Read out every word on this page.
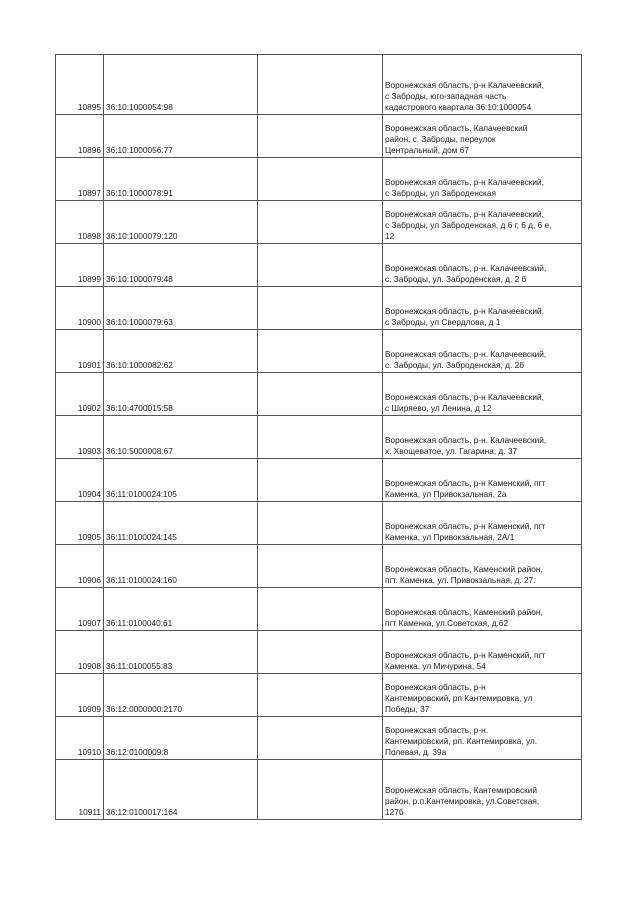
10895	36:10:1000054:98		Воронежская область, р-н Калачеевский,
с Заброды, юго-западная часть
кадастрового квартала 36:10:1000054
10896	36:10:1000056:77		Воронежская область, Калачеевский
район, с. Заброды, переулок
Центральный, дом 67
10897	36:10:1000078:91		Воронежская область, р-н Калачеевский,
с Заброды, ул Заброденская
10898	36:10:1000079:120		Воронежская область, р-н Калачеевский,
с Заброды, ул Заброденская, д 6 г, 6 д, 6 е,
12
10899	36:10:1000079:48		Воронежская область, р-н. Калачеевский,
с. Заброды, ул. Заброденская, д. 2 б
10900	36:10:1000079:63		Воронежская область, р-н Калачеевский,
с Заброды, ул Свердлова, д 1
10901	36:10:1000082:62		Воронежская область, р-н. Калачеевский,
с. Заброды, ул. Заброденская, д. 2б
10902	36:10:4700015:58		Воронежская область, р-н Калачеевский,
с Ширяево, ул Ленина, д 12
10903	36:10:5000008:67		Воронежская область, р-н. Калачеевский,
х. Хвощеватое, ул. Гагарина, д. 37
10904	36:11:0100024:105		Воронежская область, р-н Каменский, пгт
Каменка, ул Привокзальная, 2а
10905	36:11:0100024:145		Воронежская область, р-н Каменский, пгт
Каменка, ул Привокзальная, 2А/1
10906	36:11:0100024:160		Воронежская область, Каменский район,
пгт. Каменка, ул. Привокзальная, д. 27.
10907	36:11:0100040:61		Воронежская область, Каменский район,
пгт Каменка, ул.Советская, д.62
10908	36:11:0100055:83		Воронежская область, р-н Каменский, пгт
Каменка, ул Мичурина, 54
10909	36:12:0000000:2170		Воронежская область, р-н
Кантемировский, рп Кантемировка, ул
Победы, 37
10910	36:12:0100009:8		Воронежская область, р-н.
Кантемировский, рп. Кантемировка, ул.
Полевая, д. 39а
10911	36:12:0100017:164		Воронежская область, Кантемировский
район, р.п.Кантемировка, ул.Советская,
127б
